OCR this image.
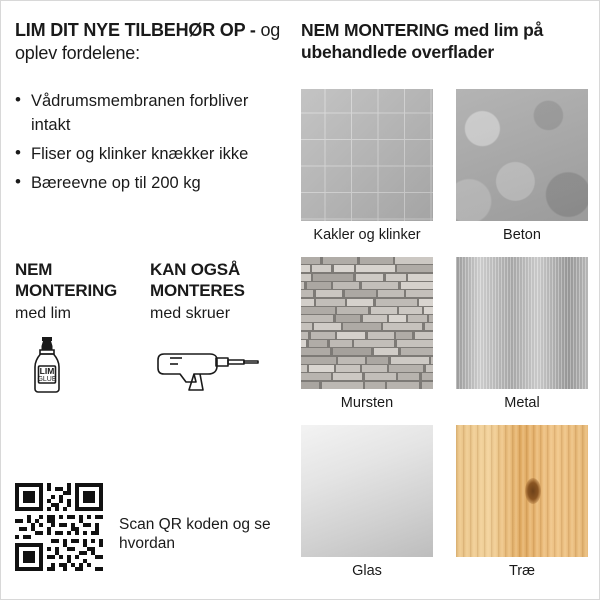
LIM DIT NYE TILBEHØR OP - og oplev fordelene:
• Vådrumsmembranen forbliver intakt
• Fliser og klinker knækker ikke
• Bæreevne op til 200 kg

NEM MONTERING

med lim

LIM
GLUE

KAN OGSÅ MONTERES

med skruer

Scan QR koden og se hvordan
NEM MONTERING med lim på ubehandlede overflader
Kakler og klinker	Beton
Mursten	Metal
Glas	Træ
